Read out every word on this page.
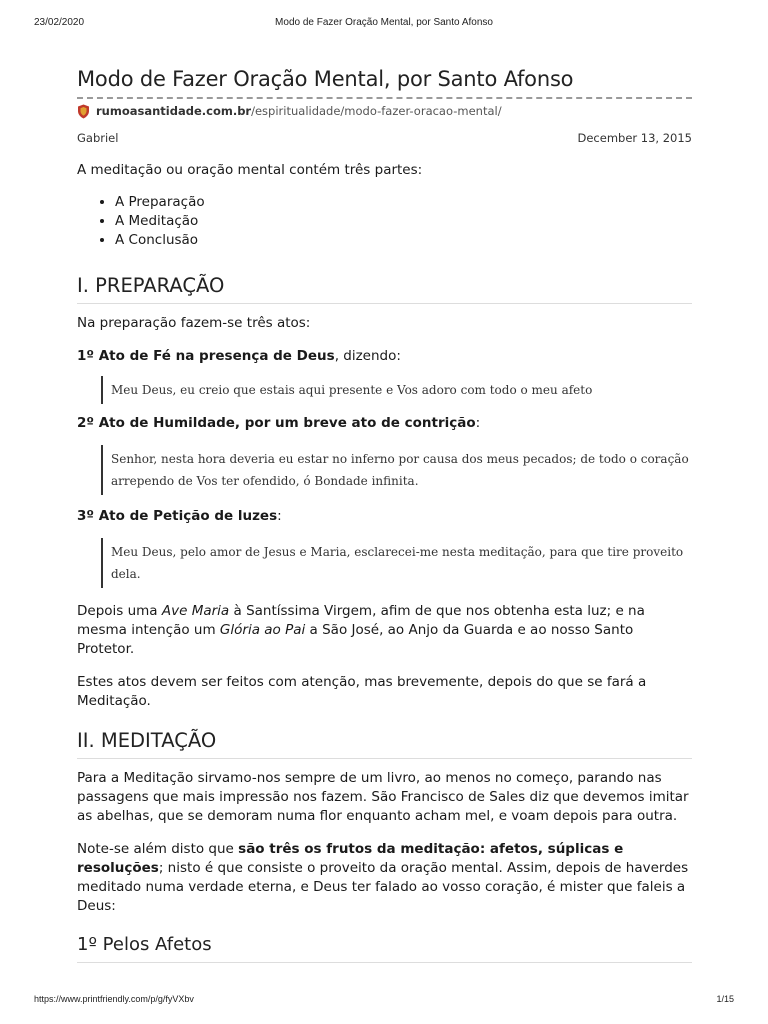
23/02/2020	Modo de Fazer Oração Mental, por Santo Afonso
Modo de Fazer Oração Mental, por Santo Afonso
rumoasantidade.com.br /espiritualidade/modo-fazer-oracao-mental/
Gabriel	December 13, 2015

A meditação ou oração mental contém três partes:

• A Preparação
• A Meditação
• A Conclusão
I. PREPARAÇÃO

Na preparação fazem-se três atos:

1º Ato de Fé na presença de Deus, dizendo:

Meu Deus, eu creio que estais aqui presente e Vos adoro com todo o meu afeto

2º Ato de Humildade, por um breve ato de contrição:

Senhor, nesta hora deveria eu estar no inferno por causa dos meus pecados; de todo o coração arrependo de Vos ter ofendido, ó Bondade infinita.

3º Ato de Petição de luzes:

Meu Deus, pelo amor de Jesus e Maria, esclarecei-me nesta meditação, para que tire proveito dela.

Depois uma Ave Maria à Santíssima Virgem, afim de que nos obtenha esta luz; e na mesma intenção um Glória ao Pai a São José, ao Anjo da Guarda e ao nosso Santo Protetor.

Estes atos devem ser feitos com atenção, mas brevemente, depois do que se fará a Meditação.

II. MEDITAÇÃO

Para a Meditação sirvamo-nos sempre de um livro, ao menos no começo, parando nas passagens que mais impressão nos fazem. São Francisco de Sales diz que devemos imitar as abelhas, que se demoram numa flor enquanto acham mel, e voam depois para outra.

Note-se além disto que são três os frutos da meditação: afetos, súplicas e resoluções; nisto é que consiste o proveito da oração mental. Assim, depois de haverdes meditado numa verdade eterna, e Deus ter falado ao vosso coração, é mister que faleis a Deus:

1º Pelos Afetos
https://www.printfriendly.com/p/g/fyVXbv	1/15
